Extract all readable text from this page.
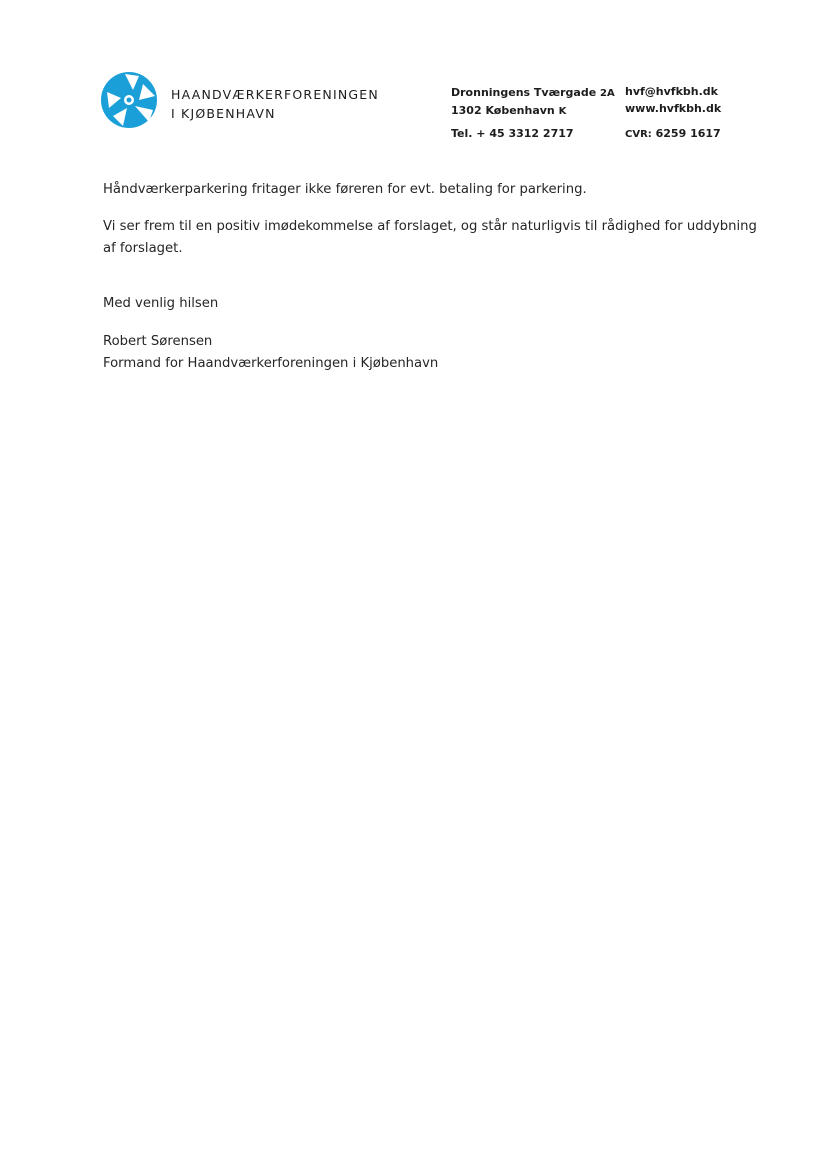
HAANDVÆRKERFORENINGEN
I KJØBENHAVN
Dronningens Tværgade 2A
1302 København K
Tel. + 45 3312 2717
hvf@hvfkbh.dk
www.hvfkbh.dk
CVR: 6259 1617
Håndværkerparkering fritager ikke føreren for evt. betaling for parkering.
Vi ser frem til en positiv imødekommelse af forslaget, og står naturligvis til rådighed for uddybning
af forslaget.
Med venlig hilsen
Robert Sørensen
Formand for Haandværkerforeningen i Kjøbenhavn
